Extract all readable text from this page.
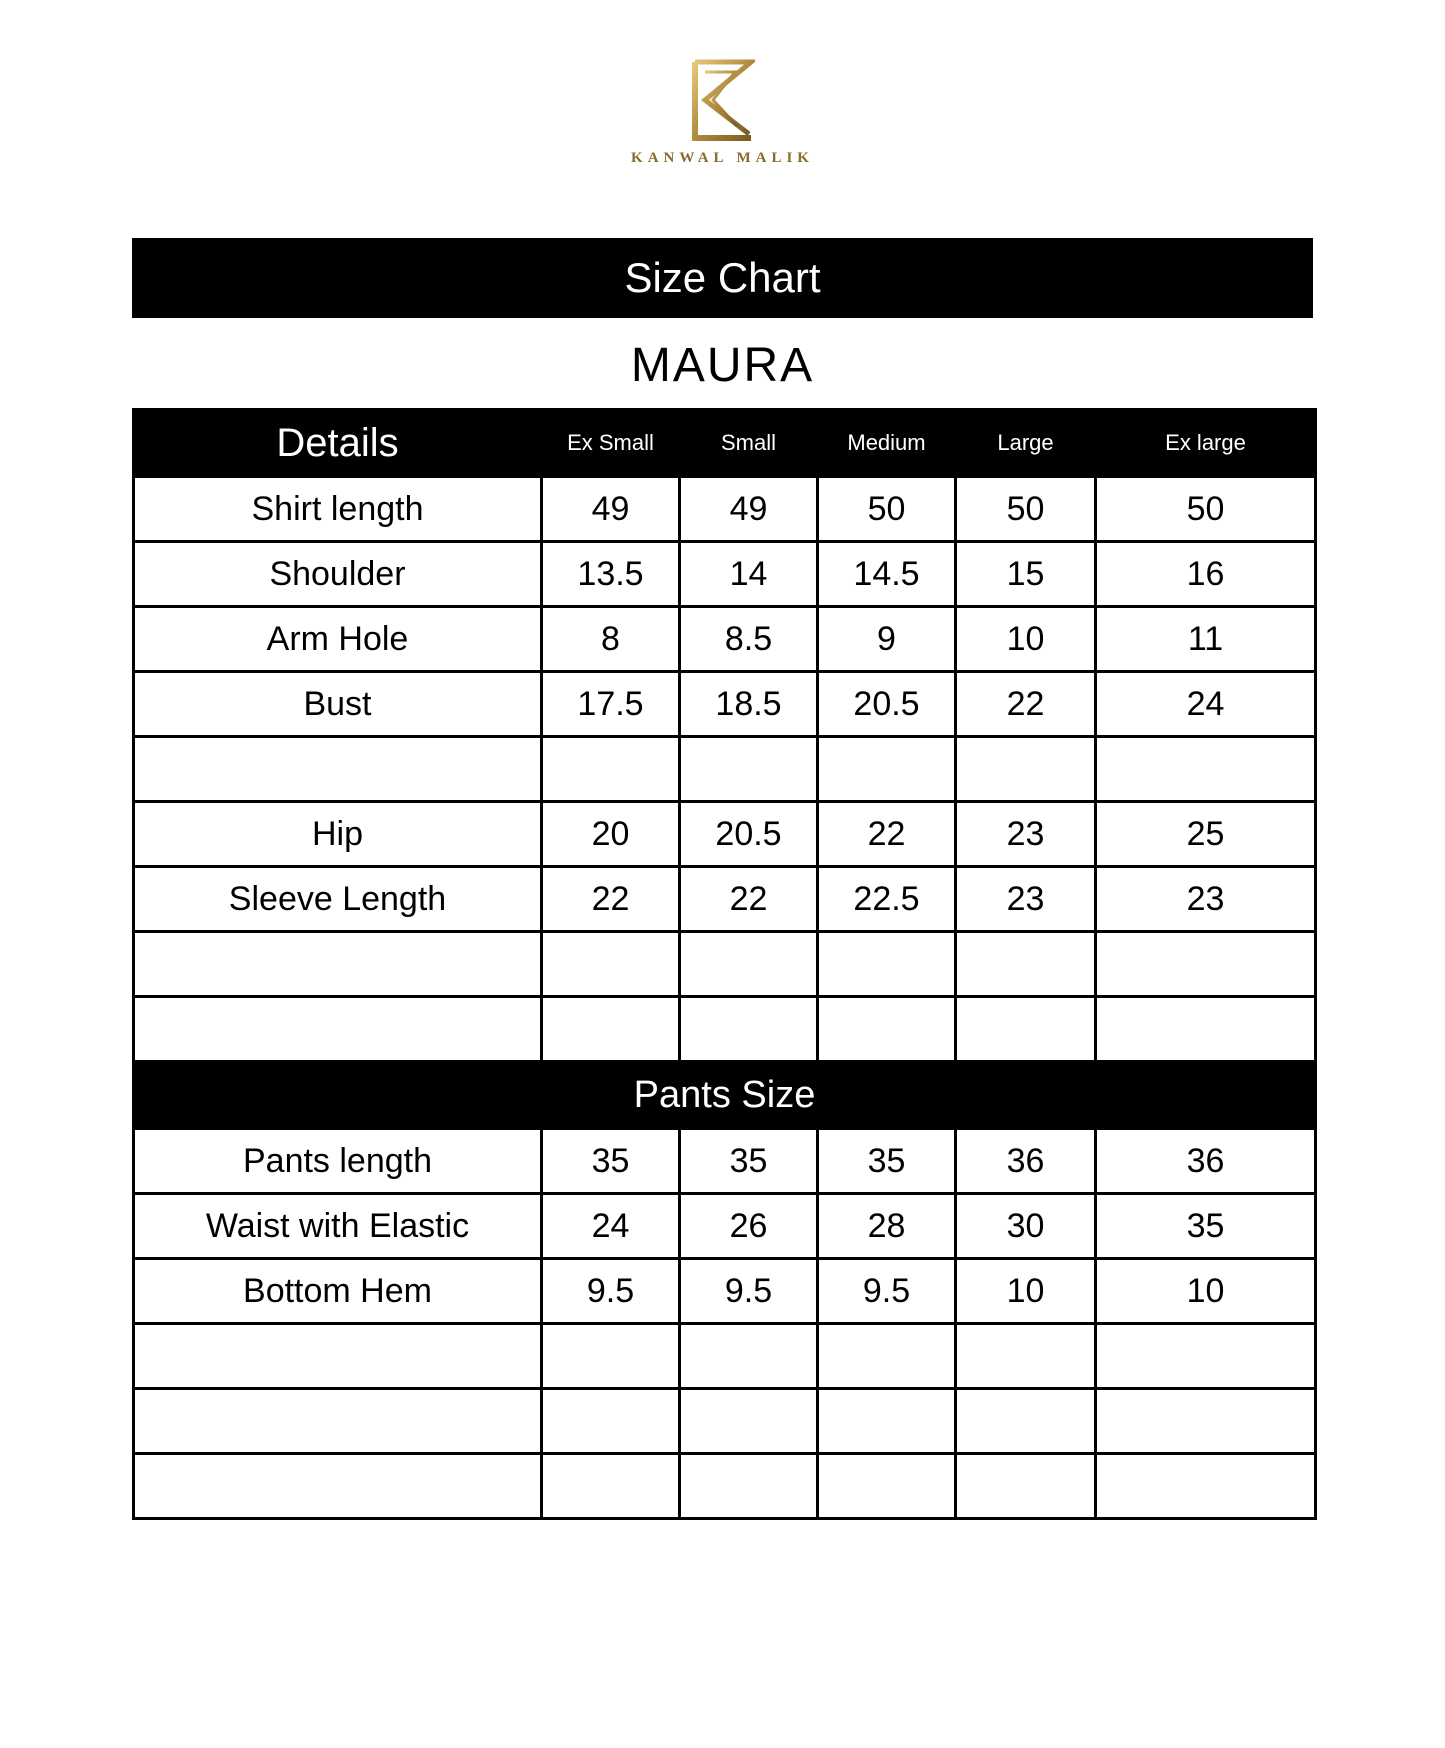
KANWAL MALIK
Size Chart
MAURA
Details	Ex Small	Small	Medium	Large	Ex large
Shirt length	49	49	50	50	50
Shoulder	13.5	14	14.5	15	16
Arm Hole	8	8.5	9	10	11
Bust	17.5	18.5	20.5	22	24

Hip	20	20.5	22	23	25
Sleeve Length	22	22	22.5	23	23

Pants Size					
Pants length	35	35	35	36	36
Waist with Elastic	24	26	28	30	35
Bottom Hem	9.5	9.5	9.5	10	10
